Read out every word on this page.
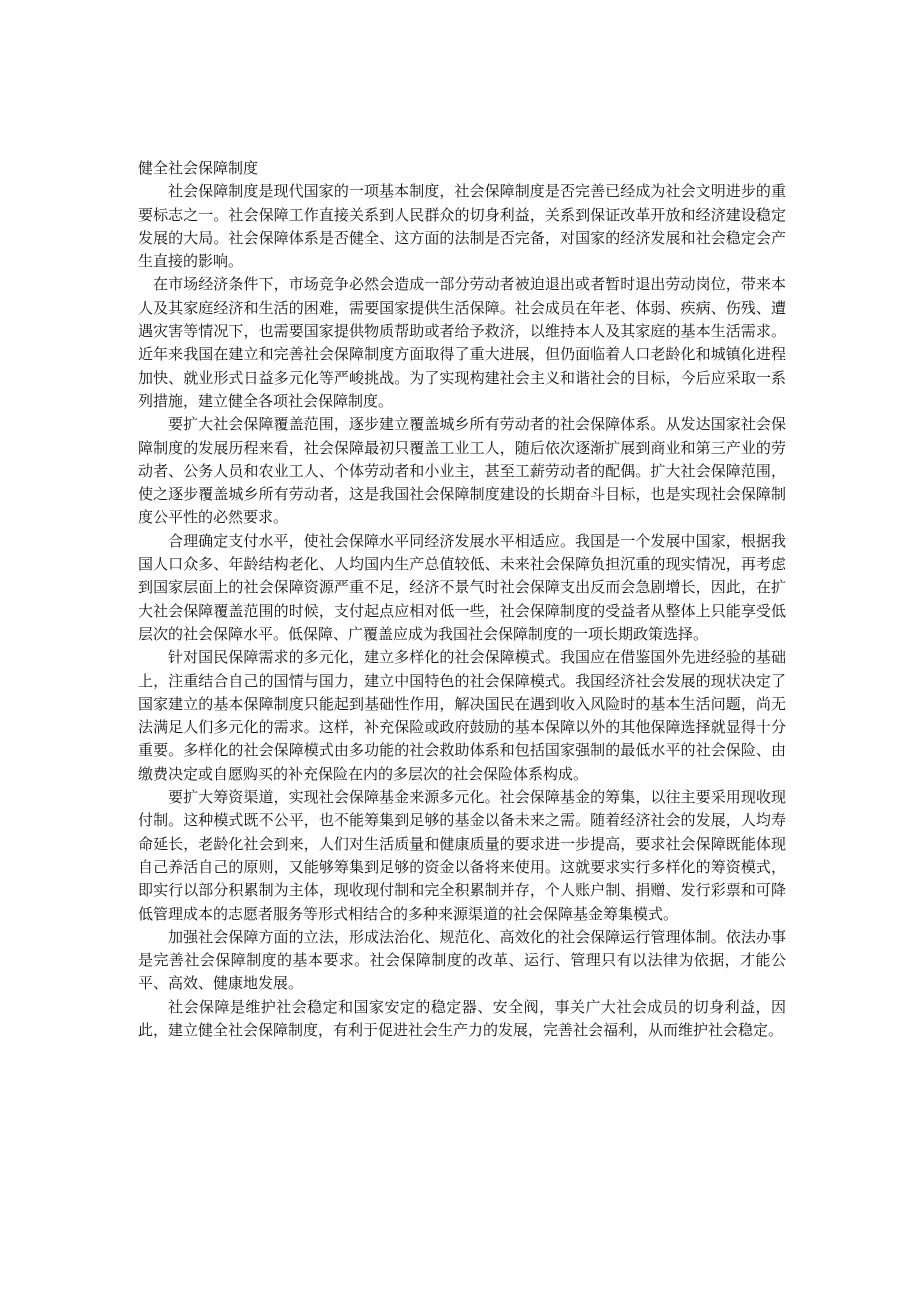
健全社会保障制度

社会保障制度是现代国家的一项基本制度，社会保障制度是否完善已经成为社会文明进步的重要标志之一。社会保障工作直接关系到人民群众的切身利益，关系到保证改革开放和经济建设稳定发展的大局。社会保障体系是否健全、这方面的法制是否完备，对国家的经济发展和社会稳定会产生直接的影响。

在市场经济条件下，市场竞争必然会造成一部分劳动者被迫退出或者暂时退出劳动岗位，带来本人及其家庭经济和生活的困难，需要国家提供生活保障。社会成员在年老、体弱、疾病、伤残、遭遇灾害等情况下，也需要国家提供物质帮助或者给予救济，以维持本人及其家庭的基本生活需求。近年来我国在建立和完善社会保障制度方面取得了重大进展，但仍面临着人口老龄化和城镇化进程加快、就业形式日益多元化等严峻挑战。为了实现构建社会主义和谐社会的目标，今后应采取一系列措施，建立健全各项社会保障制度。

要扩大社会保障覆盖范围，逐步建立覆盖城乡所有劳动者的社会保障体系。从发达国家社会保障制度的发展历程来看，社会保障最初只覆盖工业工人，随后依次逐渐扩展到商业和第三产业的劳动者、公务人员和农业工人、个体劳动者和小业主，甚至工薪劳动者的配偶。扩大社会保障范围，使之逐步覆盖城乡所有劳动者，这是我国社会保障制度建设的长期奋斗目标，也是实现社会保障制度公平性的必然要求。

合理确定支付水平，使社会保障水平同经济发展水平相适应。我国是一个发展中国家，根据我国人口众多、年龄结构老化、人均国内生产总值较低、未来社会保障负担沉重的现实情况，再考虑到国家层面上的社会保障资源严重不足，经济不景气时社会保障支出反而会急剧增长，因此，在扩大社会保障覆盖范围的时候，支付起点应相对低一些，社会保障制度的受益者从整体上只能享受低层次的社会保障水平。低保障、广覆盖应成为我国社会保障制度的一项长期政策选择。

针对国民保障需求的多元化，建立多样化的社会保障模式。我国应在借鉴国外先进经验的基础上，注重结合自己的国情与国力，建立中国特色的社会保障模式。我国经济社会发展的现状决定了国家建立的基本保障制度只能起到基础性作用，解决国民在遇到收入风险时的基本生活问题，尚无法满足人们多元化的需求。这样，补充保险或政府鼓励的基本保障以外的其他保障选择就显得十分重要。多样化的社会保障模式由多功能的社会救助体系和包括国家强制的最低水平的社会保险、由缴费决定或自愿购买的补充保险在内的多层次的社会保险体系构成。

要扩大筹资渠道，实现社会保障基金来源多元化。社会保障基金的筹集，以往主要采用现收现付制。这种模式既不公平，也不能筹集到足够的基金以备未来之需。随着经济社会的发展，人均寿命延长，老龄化社会到来，人们对生活质量和健康质量的要求进一步提高，要求社会保障既能体现自己养活自己的原则，又能够筹集到足够的资金以备将来使用。这就要求实行多样化的筹资模式，即实行以部分积累制为主体，现收现付制和完全积累制并存，个人账户制、捐赠、发行彩票和可降低管理成本的志愿者服务等形式相结合的多种来源渠道的社会保障基金筹集模式。

加强社会保障方面的立法，形成法治化、规范化、高效化的社会保障运行管理体制。依法办事是完善社会保障制度的基本要求。社会保障制度的改革、运行、管理只有以法律为依据，才能公平、高效、健康地发展。

社会保障是维护社会稳定和国家安定的稳定器、安全阀，事关广大社会成员的切身利益，因此，建立健全社会保障制度，有利于促进社会生产力的发展，完善社会福利，从而维护社会稳定。
